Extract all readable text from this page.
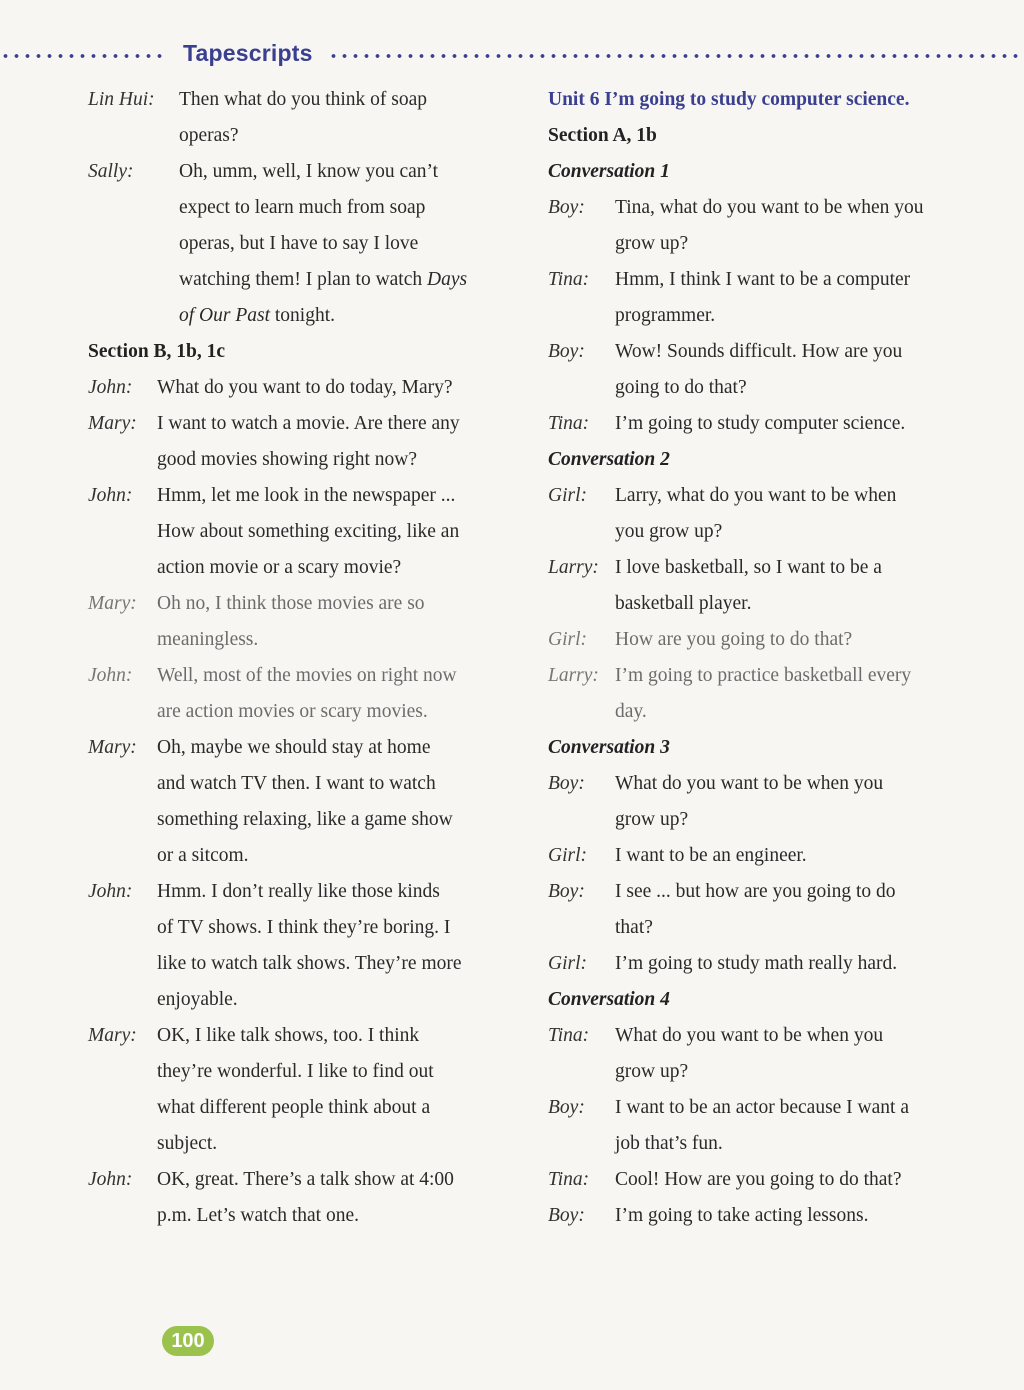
Tapescripts
Lin Hui: Then what do you think of soap
operas?
Sally: Oh, umm, well, I know you can’t
expect to learn much from soap
operas, but I have to say I love
watching them! I plan to watch Days
of Our Past tonight.
Section B, 1b, 1c
John: What do you want to do today, Mary?
Mary: I want to watch a movie. Are there any
good movies showing right now?
John: Hmm, let me look in the newspaper ...
How about something exciting, like an
action movie or a scary movie?
Mary: Oh no, I think those movies are so
meaningless.
John: Well, most of the movies on right now
are action movies or scary movies.
Mary: Oh, maybe we should stay at home
and watch TV then. I want to watch
something relaxing, like a game show
or a sitcom.
John: Hmm. I don’t really like those kinds
of TV shows. I think they’re boring. I
like to watch talk shows. They’re more
enjoyable.
Mary: OK, I like talk shows, too. I think
they’re wonderful. I like to find out
what different people think about a
subject.
John: OK, great. There’s a talk show at 4:00
p.m. Let’s watch that one.
Unit 6 I’m going to study computer science.
Section A, 1b
Conversation 1
Boy: Tina, what do you want to be when you
grow up?
Tina: Hmm, I think I want to be a computer
programmer.
Boy: Wow! Sounds difficult. How are you
going to do that?
Tina: I’m going to study computer science.
Conversation 2
Girl: Larry, what do you want to be when
you grow up?
Larry: I love basketball, so I want to be a
basketball player.
Girl: How are you going to do that?
Larry: I’m going to practice basketball every
day.
Conversation 3
Boy: What do you want to be when you
grow up?
Girl: I want to be an engineer.
Boy: I see ... but how are you going to do
that?
Girl: I’m going to study math really hard.
Conversation 4
Tina: What do you want to be when you
grow up?
Boy: I want to be an actor because I want a
job that’s fun.
Tina: Cool! How are you going to do that?
Boy: I’m going to take acting lessons.
100
